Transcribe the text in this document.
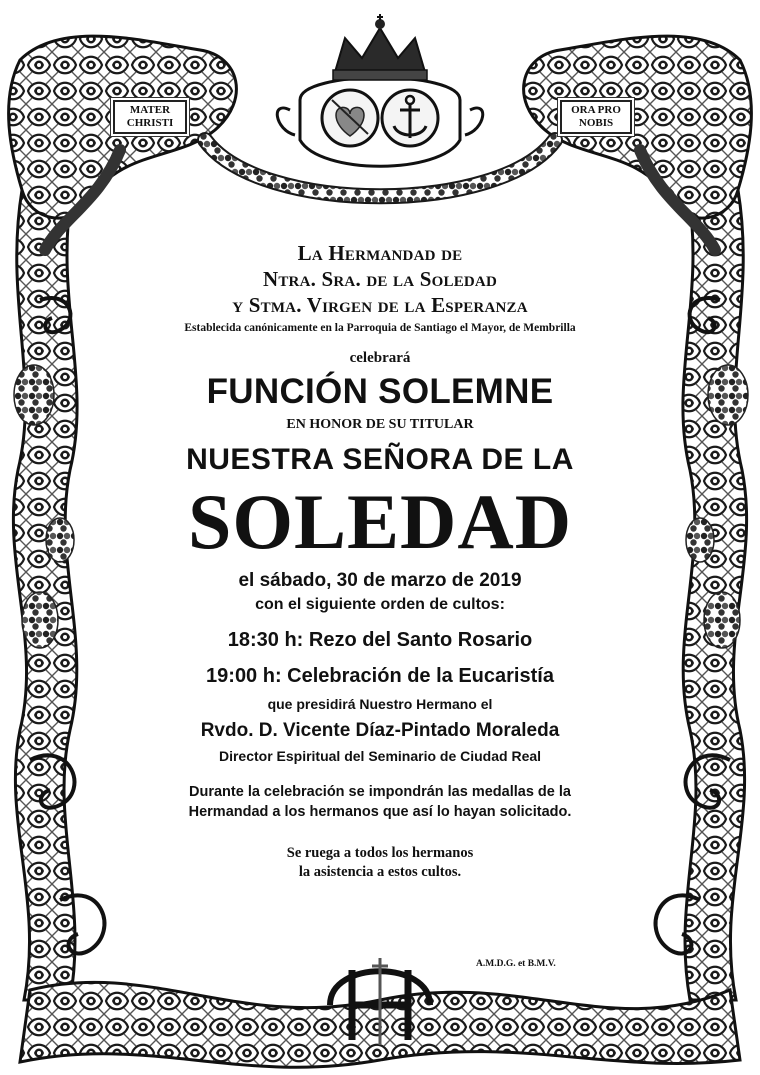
MATER
CHRISTI
ORA PRO
NOBIS
La Hermandad de
Ntra. Sra. de la Soledad
y Stma. Virgen de la Esperanza
Establecida canónicamente en la Parroquia de Santiago el Mayor, de Membrilla
celebrará
FUNCIÓN SOLEMNE
EN HONOR DE SU TITULAR
NUESTRA SEÑORA DE LA
SOLEDAD
el sábado, 30 de marzo de 2019
con el siguiente orden de cultos:
18:30 h: Rezo del Santo Rosario
19:00 h: Celebración de la Eucaristía
que presidirá Nuestro Hermano el
Rvdo. D. Vicente Díaz-Pintado Moraleda
Director Espiritual del Seminario de Ciudad Real
Durante la celebración se impondrán las medallas de la
Hermandad a los hermanos que así lo hayan solicitado.
Se ruega a todos los hermanos
la asistencia a estos cultos.
A.M.D.G. et B.M.V.
